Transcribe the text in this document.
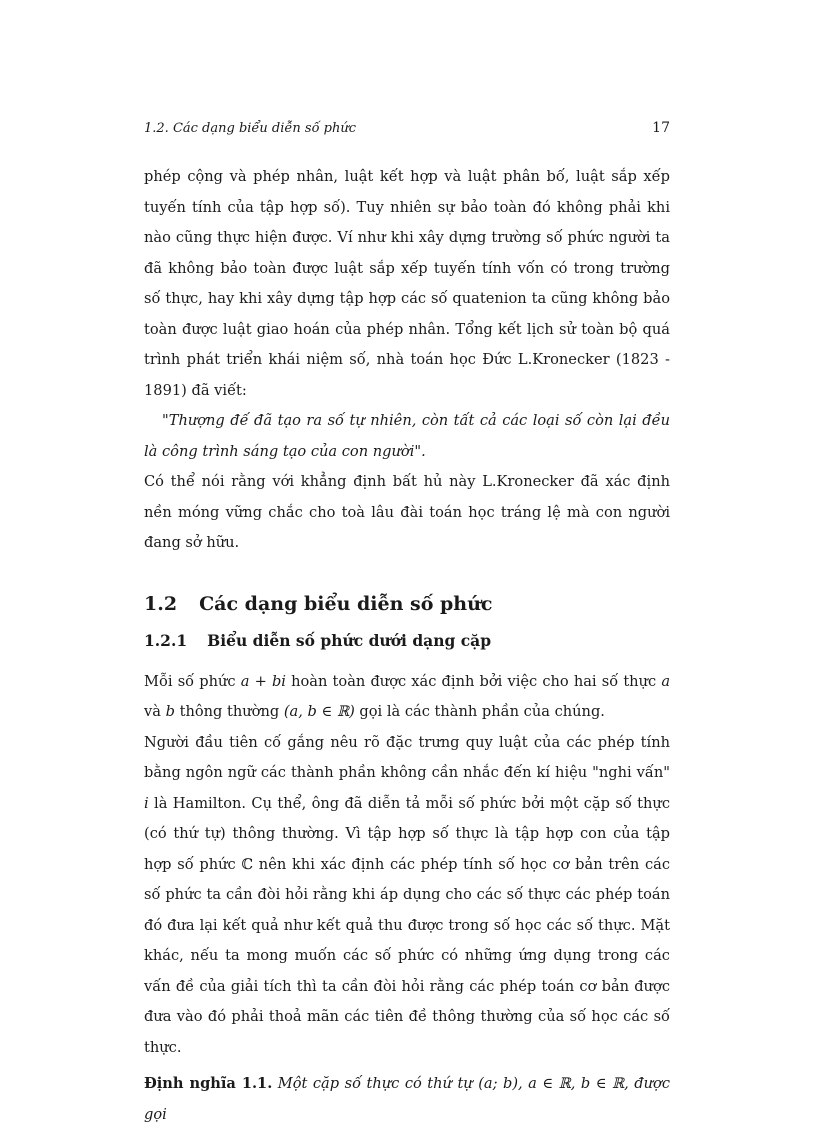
1.2. Các dạng biểu diễn số phức	17

phép cộng và phép nhân, luật kết hợp và luật phân bố, luật sắp xếp tuyến tính của tập hợp số). Tuy nhiên sự bảo toàn đó không phải khi nào cũng thực hiện được. Ví như khi xây dựng trường số phức người ta đã không bảo toàn được luật sắp xếp tuyến tính vốn có trong trường số thực, hay khi xây dựng tập hợp các số quatenion ta cũng không bảo toàn được luật giao hoán của phép nhân. Tổng kết lịch sử toàn bộ quá trình phát triển khái niệm số, nhà toán học Đức L.Kronecker (1823 - 1891) đã viết:

"Thượng đế đã tạo ra số tự nhiên, còn tất cả các loại số còn lại đều là công trình sáng tạo của con người".

Có thể nói rằng với khẳng định bất hủ này L.Kronecker đã xác định nền móng vững chắc cho toà lâu đài toán học tráng lệ mà con người đang sở hữu.

1.2 Các dạng biểu diễn số phức
1.2.1 Biểu diễn số phức dưới dạng cặp

Mỗi số phức a + bi hoàn toàn được xác định bởi việc cho hai số thực a và b thông thường (a, b ∈ ℝ) gọi là các thành phần của chúng.

Người đầu tiên cố gắng nêu rõ đặc trưng quy luật của các phép tính bằng ngôn ngữ các thành phần không cần nhắc đến kí hiệu "nghi vấn" i là Hamilton. Cụ thể, ông đã diễn tả mỗi số phức bởi một cặp số thực (có thứ tự) thông thường. Vì tập hợp số thực là tập hợp con của tập hợp số phức ℂ nên khi xác định các phép tính số học cơ bản trên các số phức ta cần đòi hỏi rằng khi áp dụng cho các số thực các phép toán đó đưa lại kết quả như kết quả thu được trong số học các số thực. Mặt khác, nếu ta mong muốn các số phức có những ứng dụng trong các vấn đề của giải tích thì ta cần đòi hỏi rằng các phép toán cơ bản được đưa vào đó phải thoả mãn các tiên đề thông thường của số học các số thực.

Định nghĩa 1.1. Một cặp số thực có thứ tự (a; b), a ∈ ℝ, b ∈ ℝ, được gọi
